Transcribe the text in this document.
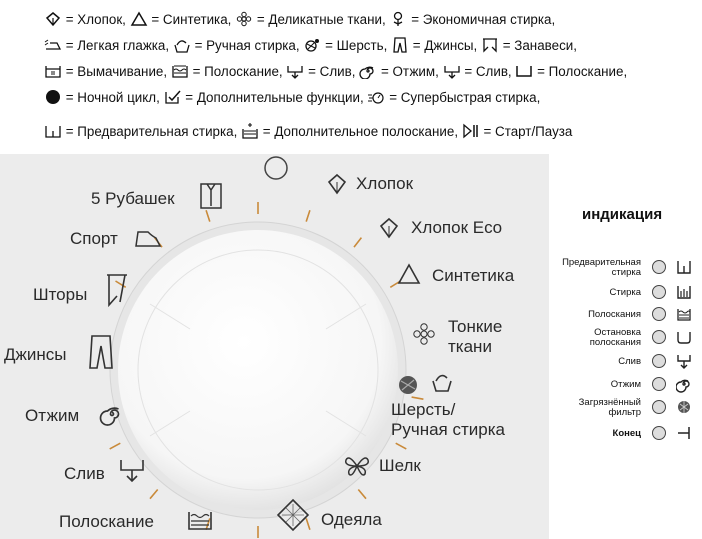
= Хлопок, = Синтетика, = Деликатные ткани, = Экономичная стирка,
= Легкая глажка, = Ручная стирка, = Шерсть, = Джинсы, = Занавеси,
= Вымачивание, = Полоскание, = Слив, = Отжим, = Слив, = Полоскание,
= Ночной цикл, = Дополнительные функции, = Супербыстрая стирка,
= Предварительная стирка, = Дополнительное полоскание, = Старт/Пауза
Хлопок
Хлопок Eco
Синтетика
Тонкие
ткани
Шерсть/
Ручная стирка
Шелк
Одеяла
Полоскание
Слив
Отжим
Джинсы
Шторы
Спорт
5 Рубашек
индикация
Предварительная
стирка
Стирка
Полоскания
Остановка
полоскания
Слив
Отжим
Загрязнённый
фильтр
Конец
